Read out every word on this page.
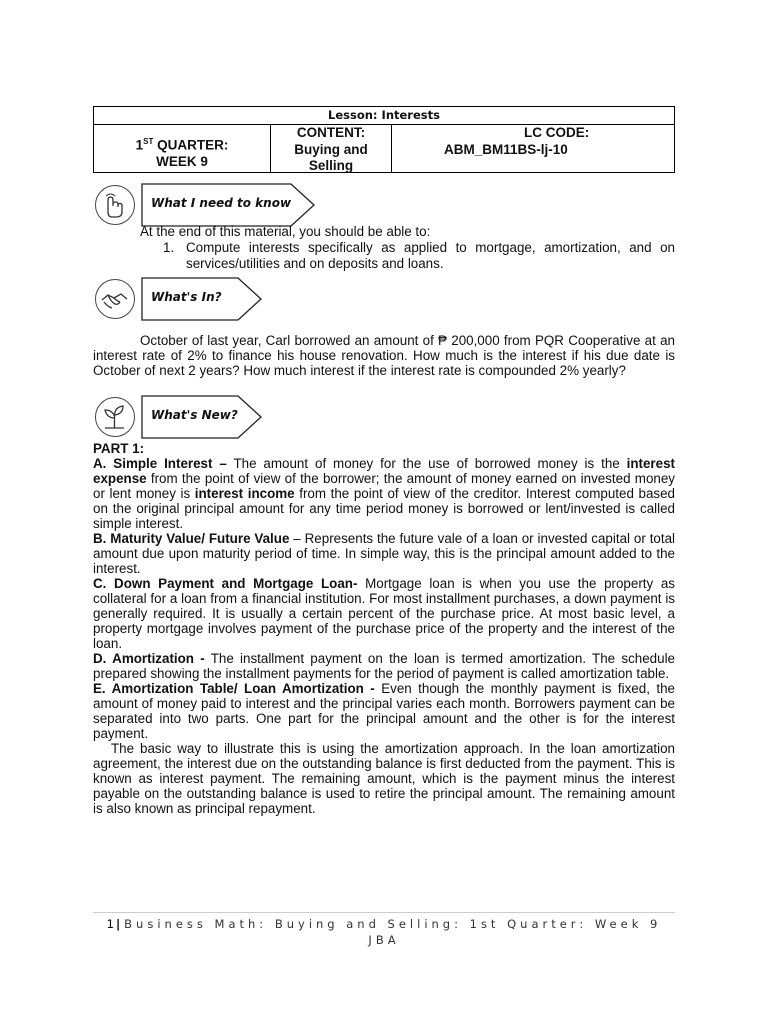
Lesson: Interests
1ST QUARTER:
WEEK 9
CONTENT:
Buying and
Selling
LC CODE:
ABM_BM11BS-lj-10
What I need to know
At the end of this material, you should be able to:
1. Compute interests specifically as applied to mortgage, amortization, and on
services/utilities and on deposits and loans.
What's In?
October of last year, Carl borrowed an amount of ₱ 200,000 from PQR Cooperative at an interest rate of 2% to finance his house renovation. How much is the interest if his due date is October of next 2 years? How much interest if the interest rate is compounded 2% yearly?
What's New?
PART 1:

A. Simple Interest – The amount of money for the use of borrowed money is the interest expense from the point of view of the borrower; the amount of money earned on invested money or lent money is interest income from the point of view of the creditor. Interest computed based on the original principal amount for any time period money is borrowed or lent/invested is called simple interest.

B. Maturity Value/ Future Value – Represents the future vale of a loan or invested capital or total amount due upon maturity period of time. In simple way, this is the principal amount added to the interest.

C. Down Payment and Mortgage Loan- Mortgage loan is when you use the property as collateral for a loan from a financial institution. For most installment purchases, a down payment is generally required. It is usually a certain percent of the purchase price. At most basic level, a property mortgage involves payment of the purchase price of the property and the interest of the loan.

D. Amortization - The installment payment on the loan is termed amortization. The schedule prepared showing the installment payments for the period of payment is called amortization table.

E. Amortization Table/ Loan Amortization - Even though the monthly payment is fixed, the amount of money paid to interest and the principal varies each month. Borrowers payment can be separated into two parts. One part for the principal amount and the other is for the interest payment.

The basic way to illustrate this is using the amortization approach. In the loan amortization agreement, the interest due on the outstanding balance is first deducted from the payment. This is known as interest payment. The remaining amount, which is the payment minus the interest payable on the outstanding balance is used to retire the principal amount. The remaining amount is also known as principal repayment.

1 | Business Math: Buying and Selling: 1st Quarter: Week 9
JBA
